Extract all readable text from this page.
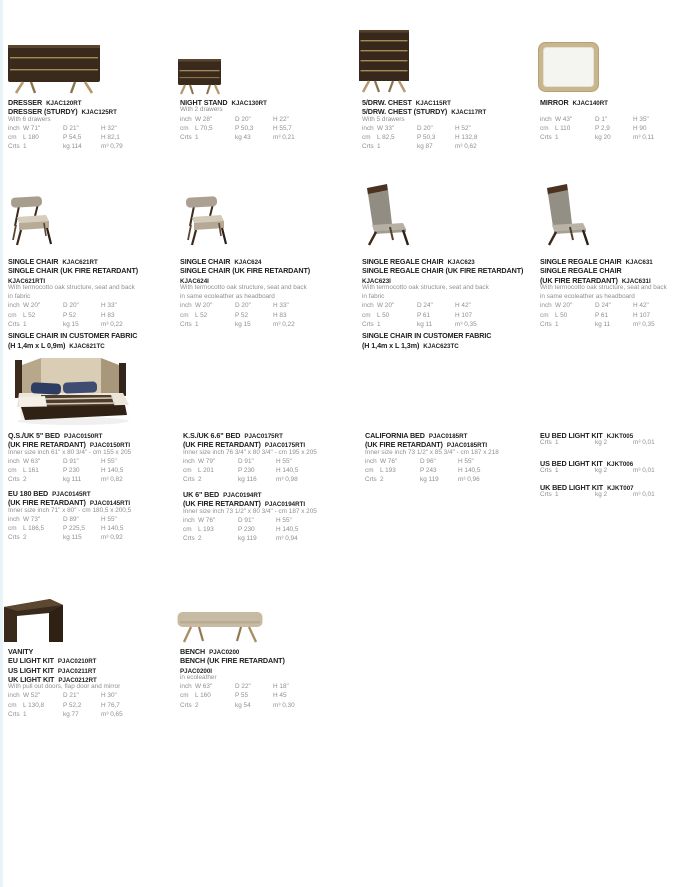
DRESSER KJAC120RT
DRESSER (STURDY) KJAC125RT
With 6 drawers
inch W 71"	D 21"	H 32"
cm	L 180	P 54,5	H 82,1
Crts 1	kg 114	m³ 0,79
NIGHT STAND KJAC130RT
With 2 drawers
inch W 28"	D 20"	H 22"
cm	L 70,5	P 50,3	H 55,7
Crts 1	kg 43	m³ 0,21
5/DRW. CHEST KJAC115RT
5/DRW. CHEST (STURDY) KJAC117RT
With 5 drawers
inch W 33"	D 20"	H 52"
cm	L 82,5	P 50,3	H 132,8
Crts 1	kg 87	m³ 0,62
MIRROR KJAC140RT
inch W 43"	D 1"	H 35"
cm	L 110	P 2,9	H 90
Crts 1	kg 20	m³ 0,11
SINGLE CHAIR KJAC621RT
SINGLE CHAIR (UK FIRE RETARDANT)
KJAC621RTI
With termocotto oak structure, seat and back
in fabric
inch W 20"	D 20"	H 33"
cm	L 52	P 52	H 83
Crts 1	kg 15	m³ 0,22
SINGLE CHAIR IN CUSTOMER FABRIC
(H 1,4m x L 0,9m) KJAC621TC
SINGLE CHAIR KJAC624
SINGLE CHAIR (UK FIRE RETARDANT)
KJAC624I
With termocotto oak structure, seat and back
in same ecoleather as headboard
inch W 20"	D 20"	H 33"
cm	L 52	P 52	H 83
Crts 1	kg 15	m³ 0,22
SINGLE REGALE CHAIR KJAC623
SINGLE REGALE CHAIR (UK FIRE RETARDANT)
KJAC623I
With termocotto oak structure, seat and back
in fabric
inch W 20"	D 24"	H 42"
cm	L 50	P 61	H 107
Crts 1	kg 11	m³ 0,35
SINGLE CHAIR IN CUSTOMER FABRIC
(H 1,4m x L 1,3m) KJAC623TC
SINGLE REGALE CHAIR KJAC631
SINGLE REGALE CHAIR
(UK FIRE RETARDANT) KJAC631I
With termocotto oak structure, seat and back
in same ecoleather as headboard
inch W 20"	D 24"	H 42"
cm	L 50	P 61	H 107
Crts 1	kg 11	m³ 0,35
Q.S./UK 5" BED PJAC0150RT
(UK FIRE RETARDANT) PJAC0150RTI
Inner size inch 61" x 80 3/4" - cm 155 x 205
inch W 63"	D 91"	H 55"
cm	L 161	P 230	H 140,5
Crts 2	kg 111	m³ 0,82
EU 180 BED PJAC0145RT
(UK FIRE RETARDANT) PJAC0145RTI
Inner size inch 71" x 80" - cm 180,5 x 200,5
inch W 73"	D 89"	H 55"
cm	L 186,5	P 225,5	H 140,5
Crts 2	kg 115	m³ 0,92
K.S./UK 6.6" BED PJAC0175RT
(UK FIRE RETARDANT) PJAC0175RTI
Inner size inch 76 3/4" x 80 3/4" - cm 195 x 205
inch W 79"	D 91"	H 55"
cm	L 201	P 230	H 140,5
Crts 2	kg 116	m³ 0,98
UK 6" BED PJAC0194RT
(UK FIRE RETARDANT) PJAC0194RTI
Inner size inch 73 1/2" x 80 3/4" - cm 187 x 205
inch W 76"	D 91"	H 55"
cm	L 193	P 230	H 140,5
Crts 2	kg 119	m³ 0,94
CALIFORNIA BED PJAC0185RT
(UK FIRE RETARDANT) PJAC0185RTI
Inner size inch 73 1/2" x 85 3/4" - cm 187 x 218
inch W 76"	D 96"	H 55"
cm	L 193	P 243	H 140,5
Crts 2	kg 119	m³ 0,96
EU BED LIGHT KIT KJKT005
Crts 1	kg 2	m³ 0,01
US BED LIGHT KIT KJKT006
Crts 1	kg 2	m³ 0,01
UK BED LIGHT KIT KJKT007
Crts 1	kg 2	m³ 0,01
VANITY
EU LIGHT KIT PJAC0210RT
US LIGHT KIT PJAC0211RT
UK LIGHT KIT PJAC0212RT
With pull out doors, flap door and mirror
inch W 52"	D 21"	H 30"
cm	L 130,8	P 52,2	H 76,7
Crts 1	kg 77	m³ 0,65
BENCH PJAC0200
BENCH (UK FIRE RETARDANT)
PJAC0200I
in ecoleather
inch W 63"	D 22"	H 18"
cm	L 160	P 55	H 45
Crts 2	kg 54	m³ 0,30
